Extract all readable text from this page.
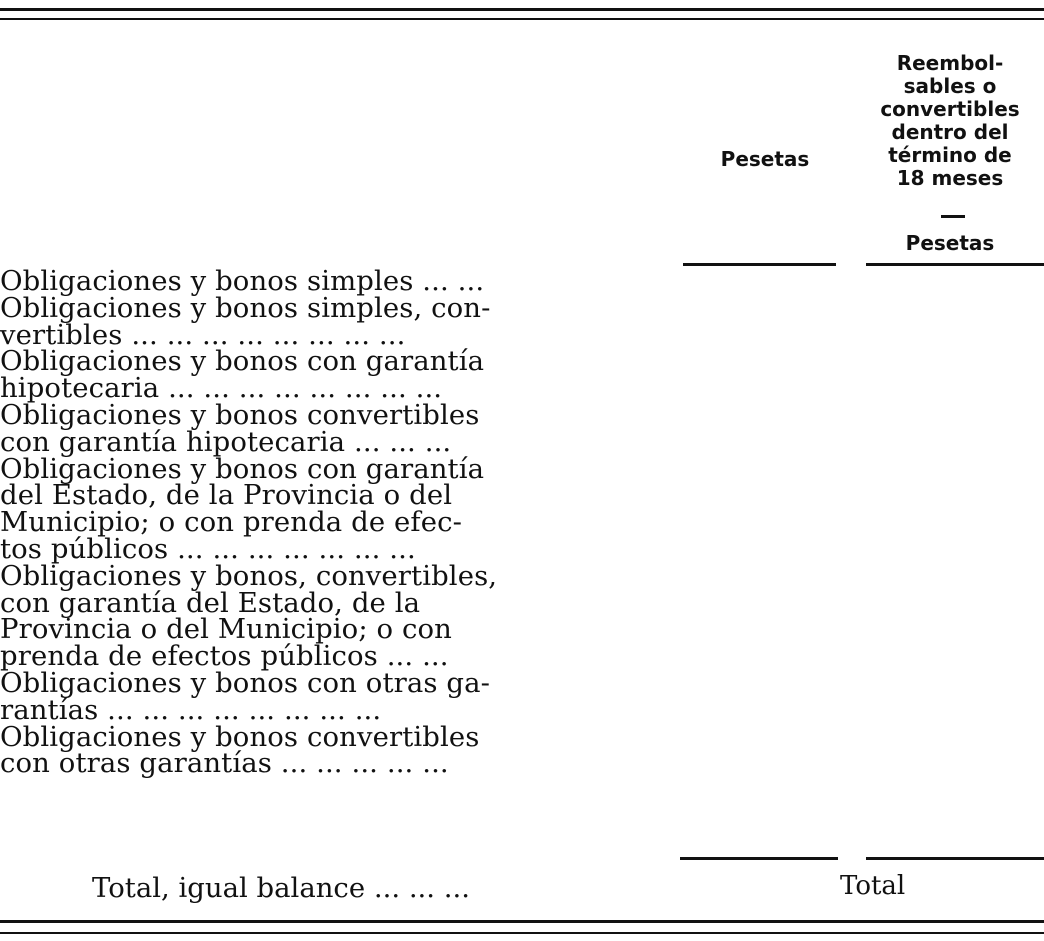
Pesetas
Reembol-
sables o
convertibles
dentro del
término de
18 meses
Pesetas
Obligaciones y bonos simples ... ...
Obligaciones y bonos simples, con-
vertibles ... ... ... ... ... ... ... ...
Obligaciones y bonos con garantía
hipotecaria ... ... ... ... ... ... ... ...
Obligaciones y bonos convertibles
con garantía hipotecaria ... ... ...
Obligaciones y bonos con garantía
del Estado, de la Provincia o del
Municipio; o con prenda de efec-
tos públicos ... ... ... ... ... ... ...
Obligaciones y bonos, convertibles,
con garantía del Estado, de la
Provincia o del Municipio; o con
prenda de efectos públicos ... ...
Obligaciones y bonos con otras ga-
rantías ... ... ... ... ... ... ... ...
Obligaciones y bonos convertibles
con otras garantías ... ... ... ... ...
Total, igual balance ... ... ...	Total
